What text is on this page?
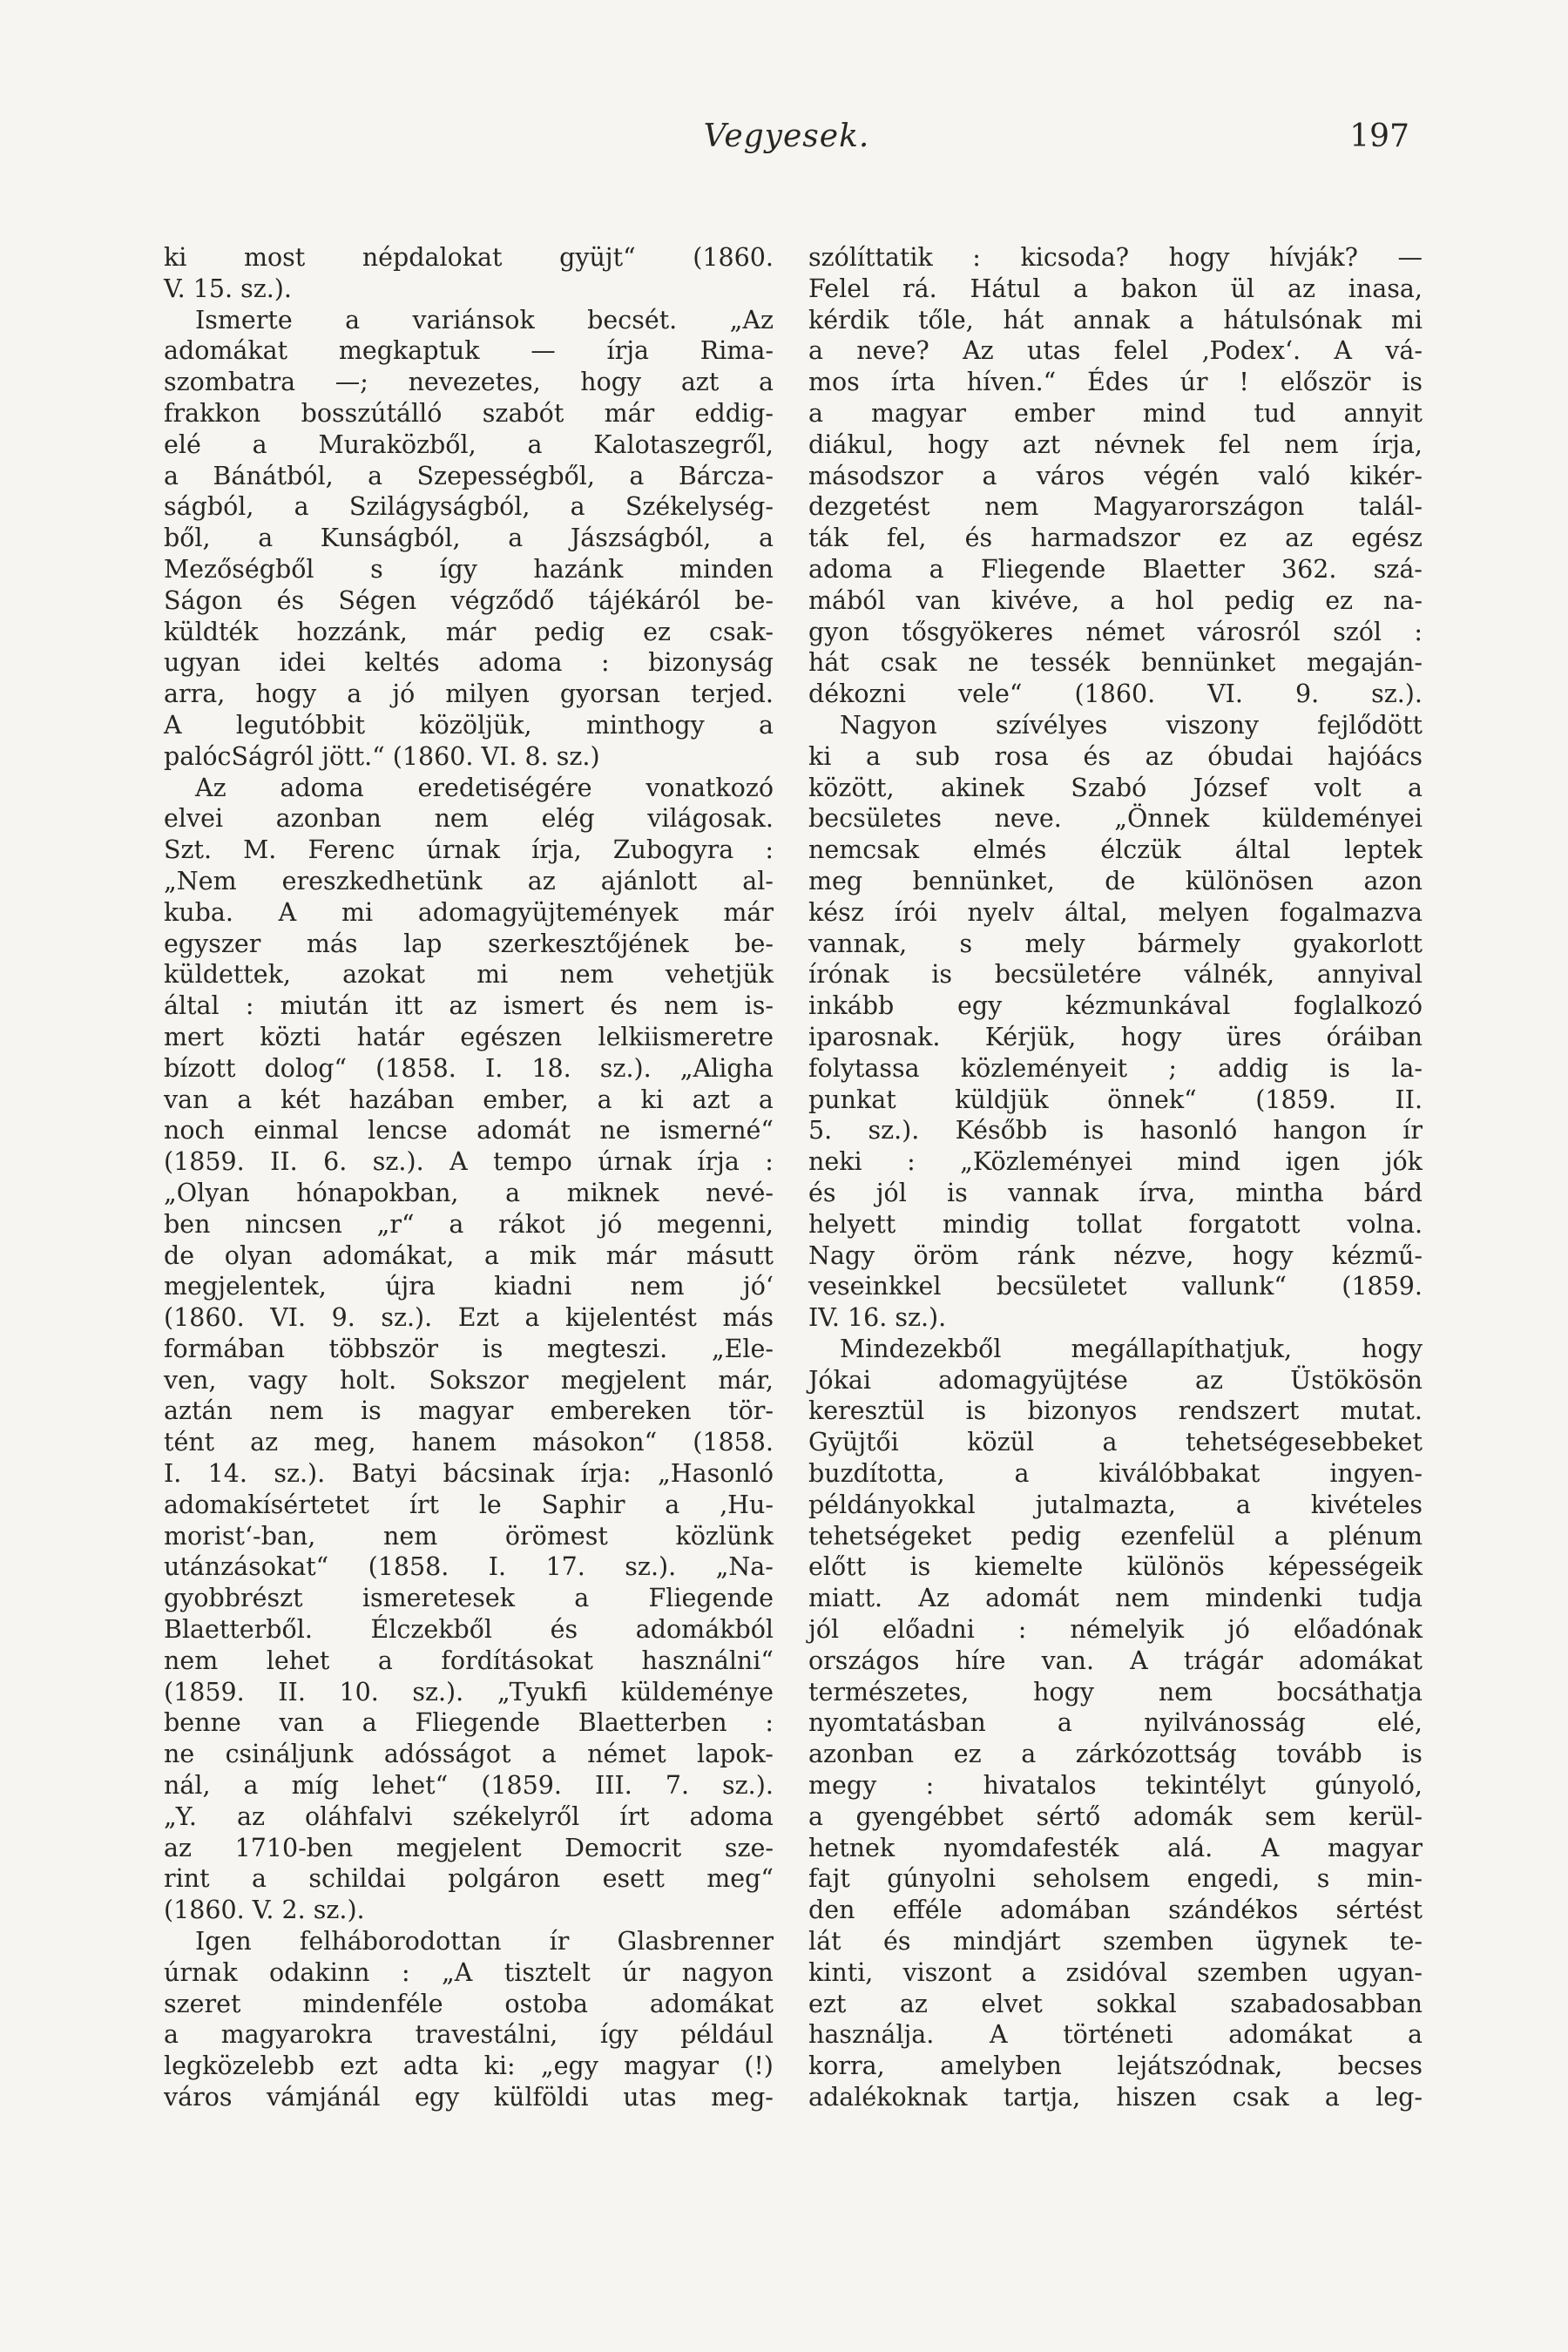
Vegyesek.	197
ki most népdalokat gyüjt“ (1860.
V. 15. sz.).
Ismerte a variánsok becsét. „Az
adomákat megkaptuk — írja Rima-
szombatra —; nevezetes, hogy azt a
frakkon bosszútálló szabót már eddig-
elé a Muraközből, a Kalotaszegről,
a Bánátból, a Szepességből, a Bárcza-
ságból, a Szilágyságból, a Székelység-
ből, a Kunságból, a Jászságból, a
Mezőségből s így hazánk minden
Ságon és Ségen végződő tájékáról be-
küldték hozzánk, már pedig ez csak-
ugyan idei keltés adoma : bizonyság
arra, hogy a jó milyen gyorsan terjed.
A legutóbbit közöljük, minthogy a
palócSágról jött.“ (1860. VI. 8. sz.)
Az adoma eredetiségére vonatkozó
elvei azonban nem elég világosak.
Szt. M. Ferenc úrnak írja, Zubogyra :
„Nem ereszkedhetünk az ajánlott al-
kuba. A mi adomagyüjtemények már
egyszer más lap szerkesztőjének be-
küldettek, azokat mi nem vehetjük
által : miután itt az ismert és nem is-
mert közti határ egészen lelkiismeretre
bízott dolog“ (1858. I. 18. sz.). „Aligha
van a két hazában ember, a ki azt a
noch einmal lencse adomát ne ismerné“
(1859. II. 6. sz.). A tempo úrnak írja :
„Olyan hónapokban, a miknek nevé-
ben nincsen „r“ a rákot jó megenni,
de olyan adomákat, a mik már másutt
megjelentek, újra kiadni nem jó‘
(1860. VI. 9. sz.). Ezt a kijelentést más
formában többször is megteszi. „Ele-
ven, vagy holt. Sokszor megjelent már,
aztán nem is magyar embereken tör-
tént az meg, hanem másokon“ (1858.
I. 14. sz.). Batyi bácsinak írja: „Hasonló
adomakísértetet írt le Saphir a ‚Hu-
morist‘-ban,	nem	örömest	közlünk
utánzásokat“ (1858. I. 17. sz.). „Na-
gyobbrészt ismeretesek a Fliegende
Blaetterből. Élczekből és adomákból
nem lehet a fordításokat használni“
(1859. II. 10. sz.). „Tyukfi küldeménye
benne van a Fliegende Blaetterben :
ne csináljunk adósságot a német lapok-
nál, a míg lehet“ (1859. III. 7. sz.).
„Y. az oláhfalvi székelyről írt adoma
az 1710-ben megjelent Democrit sze-
rint a schildai polgáron esett meg“
(1860. V. 2. sz.).
Igen felháborodottan ír Glasbrenner
úrnak odakinn : „A tisztelt úr nagyon
szeret mindenféle ostoba adomákat
a magyarokra travestálni, így például
legközelebb ezt adta ki: „egy magyar (!)
város vámjánál egy külföldi utas meg-
szólíttatik : kicsoda? hogy hívják? —
Felel rá. Hátul a bakon ül az inasa,
kérdik tőle, hát annak a hátulsónak mi
a neve? Az utas felel ‚Podex‘. A vá-
mos írta híven.“ Édes úr ! először is
a magyar ember mind tud annyit
diákul, hogy azt névnek fel nem írja,
másodszor a város végén való kikér-
dezgetést nem Magyarországon talál-
ták fel, és harmadszor ez az egész
adoma a Fliegende Blaetter 362. szá-
mából van kivéve, a hol pedig ez na-
gyon tősgyökeres német városról szól :
hát csak ne tessék bennünket megaján-
dékozni vele“ (1860. VI. 9. sz.).
Nagyon szívélyes viszony fejlődött
ki a sub rosa és az óbudai hajóács
között, akinek Szabó József volt a
becsületes neve. „Önnek küldeményei
nemcsak elmés élczük által leptek
meg bennünket, de különösen azon
kész írói nyelv által, melyen fogalmazva
vannak, s mely bármely gyakorlott
írónak is becsületére válnék, annyival
inkább	egy	kézmunkával	foglalkozó
iparosnak. Kérjük, hogy üres óráiban
folytassa közleményeit ; addig is la-
punkat küldjük önnek“ (1859. II.
5. sz.). Később is hasonló hangon ír
neki : „Közleményei mind igen jók
és jól is vannak írva, mintha bárd
helyett mindig tollat forgatott volna.
Nagy öröm ránk nézve, hogy kézmű-
veseinkkel becsületet vallunk“ (1859.
IV. 16. sz.).
Mindezekből	megállapíthatjuk,	hogy
Jókai	adomagyüjtése	az	Üstökösön
keresztül is bizonyos rendszert mutat.
Gyüjtői	közül	a	tehetségesebbeket
buzdította,	a	kiválóbbakat	ingyen-
példányokkal jutalmazta, a kivételes
tehetségeket pedig ezenfelül a plénum
előtt is kiemelte különös képességeik
miatt. Az adomát nem mindenki tudja
jól előadni : némelyik jó előadónak
országos híre van. A trágár adomákat
természetes,	hogy	nem	bocsáthatja
nyomtatásban	a	nyilvánosság	elé,
azonban ez a zárkózottság tovább is
megy : hivatalos tekintélyt gúnyoló,
a gyengébbet sértő adomák sem kerül-
hetnek nyomdafesték alá. A magyar
fajt gúnyolni seholsem engedi, s min-
den efféle adomában szándékos sértést
lát és mindjárt szemben ügynek te-
kinti, viszont a zsidóval szemben ugyan-
ezt az elvet sokkal szabadosabban
használja. A történeti adomákat a
korra, amelyben lejátszódnak, becses
adalékoknak tartja, hiszen csak a leg-
